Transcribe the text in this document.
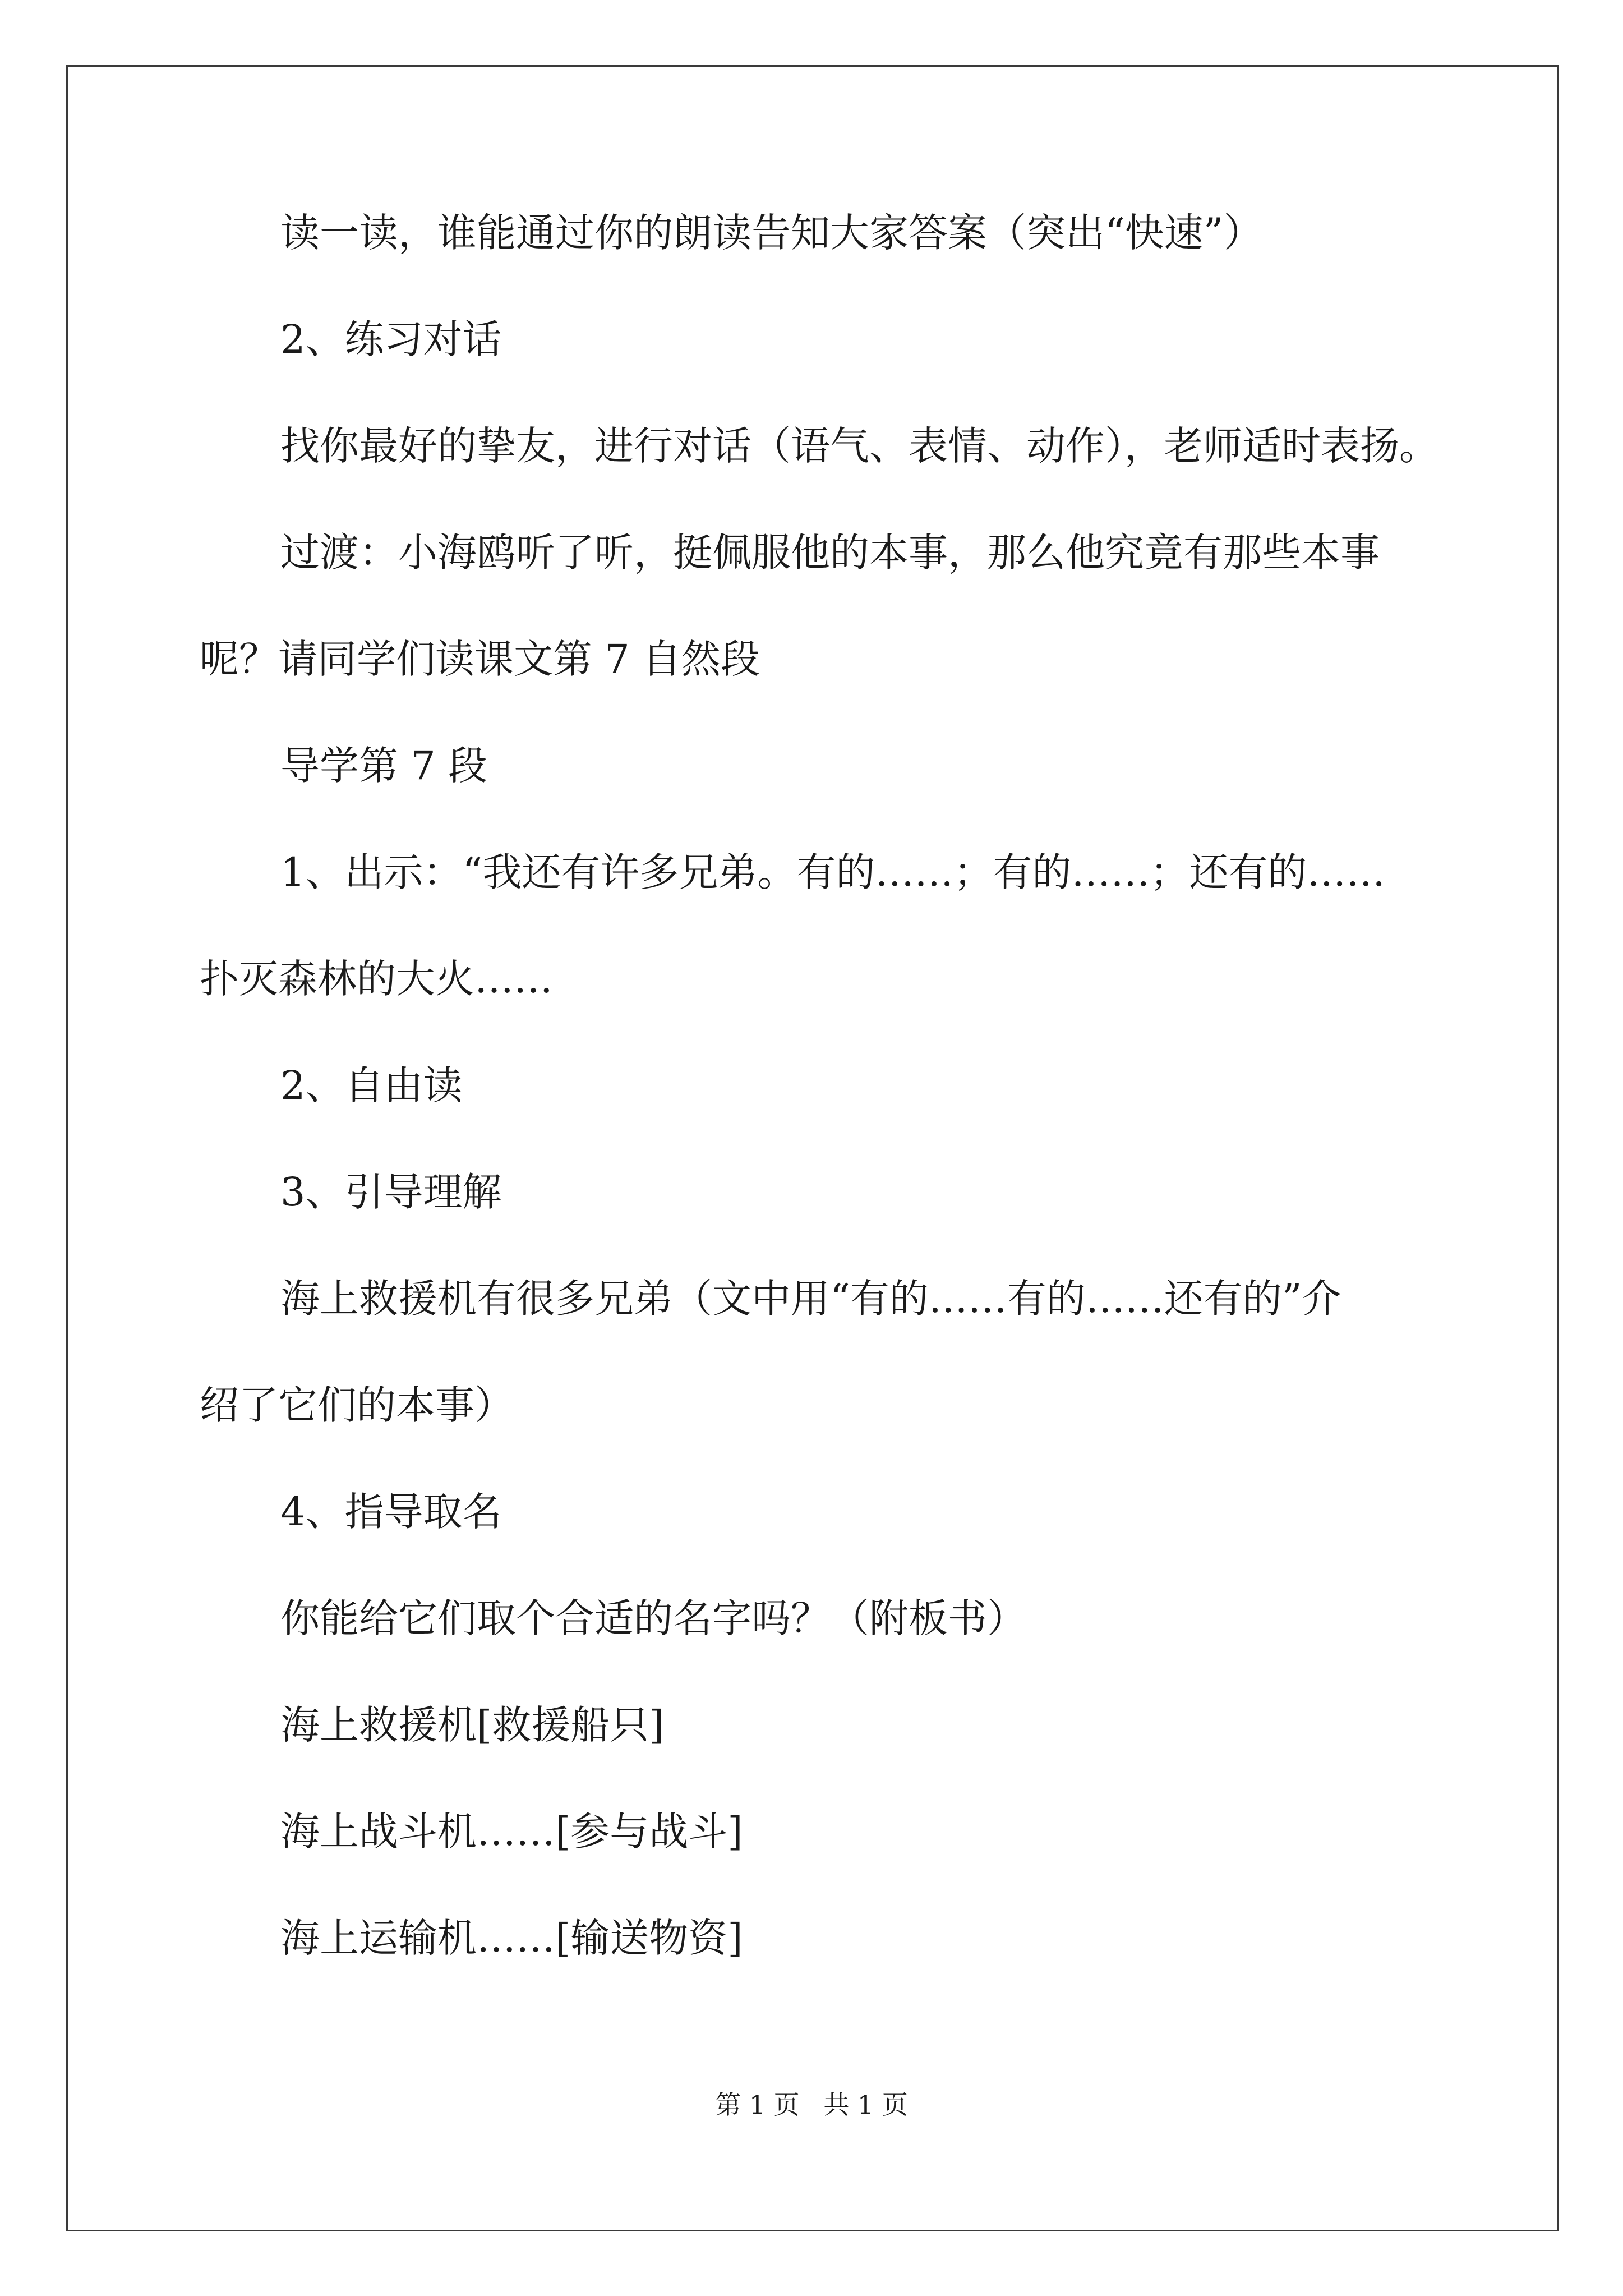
读一读，谁能通过你的朗读告知大家答案（突出“快速”）
2、练习对话
找你最好的挚友，进行对话（语气、表情、动作），老师适时表扬。
过渡：小海鸥听了听，挺佩服他的本事，那么他究竟有那些本事
呢？请同学们读课文第 7 自然段
导学第 7 段
1、出示：“我还有许多兄弟。有的……；有的……；还有的……
扑灭森林的大火……
2、自由读
3、引导理解
海上救援机有很多兄弟（文中用“有的……有的……还有的”介
绍了它们的本事）
4、指导取名
你能给它们取个合适的名字吗？（附板书）
海上救援机[救援船只]
海上战斗机……[参与战斗]
海上运输机……[输送物资]
第 1 页 共 1 页
